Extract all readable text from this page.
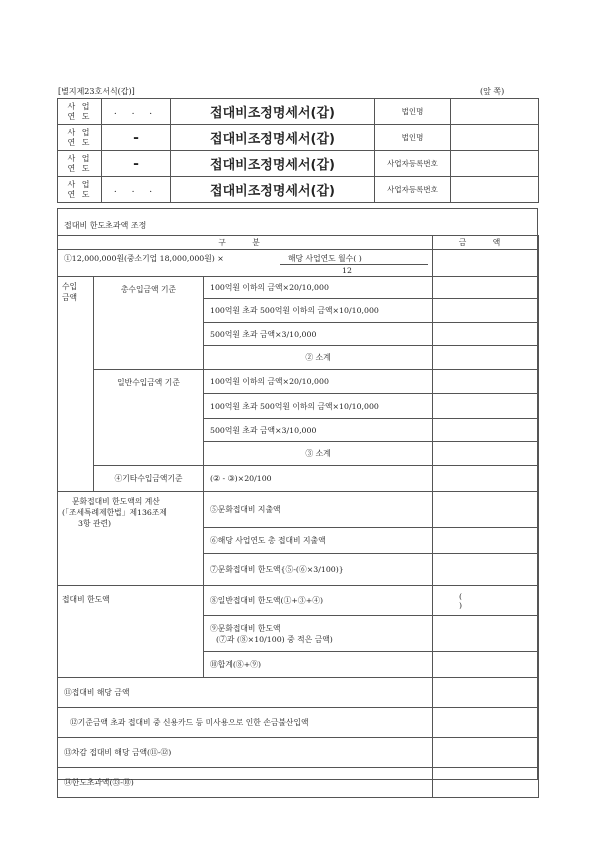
[별지제23호서식(갑)]	(앞 쪽)
사 업
연 도	. . .	접대비조정명세서(갑)	법인명	

사 업
연 도	-	접대비조정명세서(갑)	법인명	

사 업
연 도	-	접대비조정명세서(갑)	사업자등록번호	

사 업
연 도	. . .	접대비조정명세서(갑)	사업자등록번호	
접대비 한도초과액 조정
구 분			금 액

①12,000,000원(중소기업 18,000,000원) × 해당 사업연도 월수( )
12			

수입
금액	총수입금액 기준	100억원 이하의 금액×20/10,000	
		100억원 초과 500억원 이하의 금액×10/10,000	
		500억원 초과 금액×3/10,000	
		② 소계	
	일반수입금액 기준	100억원 이하의 금액×20/10,000	
		100억원 초과 500억원 이하의 금액×10/10,000	
		500억원 초과 금액×3/10,000	
		③ 소계	
	④기타수입금액기준	(② - ③)×20/100	

문화접대비 한도액의 계산
(「조세특례제한법」제136조제
3항 관련)		⑤문화접대비 지출액	
		⑥해당 사업연도 총 접대비 지출액	
		⑦문화접대비 한도액{⑤-(⑥×3/100)}	
접대비 한도액		⑧일반접대비 한도액(①+③+④)	( )

		⑨문화접대비 한도액
(⑦과 (⑧×10/100) 중 적은 금액)	

		⑩합계(⑧+⑨)	
⑪접대비 해당 금액			
⑫기준금액 초과 접대비 중 신용카드 등 미사용으로 인한 손금불산입액			
⑬차감 접대비 해당 금액(⑪-⑫)			
⑭한도초과액(⑬-⑩)			
